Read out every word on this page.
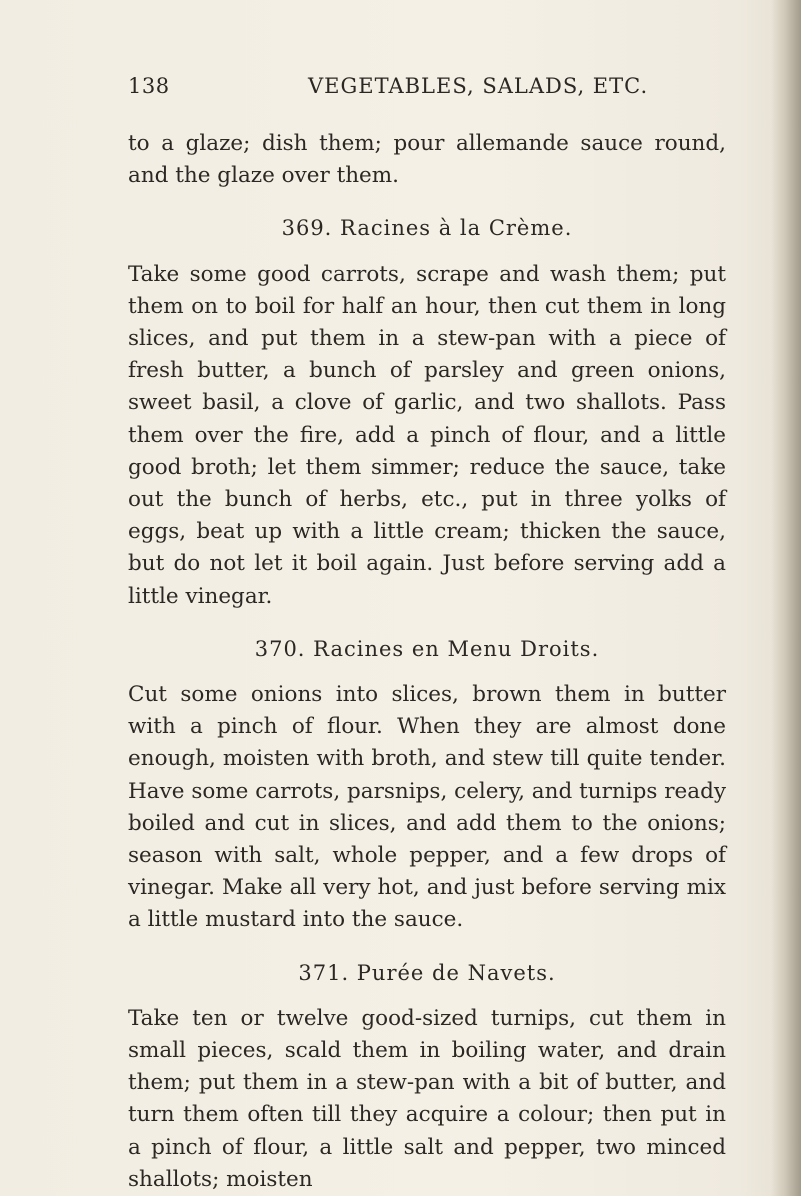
138	VEGETABLES, SALADS, ETC.

to a glaze; dish them; pour allemande sauce round, and the glaze over them.

369. Racines à la Crème.

Take some good carrots, scrape and wash them; put them on to boil for half an hour, then cut them in long slices, and put them in a stew-pan with a piece of fresh butter, a bunch of parsley and green onions, sweet basil, a clove of garlic, and two shallots. Pass them over the fire, add a pinch of flour, and a little good broth; let them simmer; reduce the sauce, take out the bunch of herbs, etc., put in three yolks of eggs, beat up with a little cream; thicken the sauce, but do not let it boil again. Just before serving add a little vinegar.

370. Racines en Menu Droits.

Cut some onions into slices, brown them in butter with a pinch of flour. When they are almost done enough, moisten with broth, and stew till quite tender. Have some carrots, parsnips, celery, and turnips ready boiled and cut in slices, and add them to the onions; season with salt, whole pepper, and a few drops of vinegar. Make all very hot, and just before serving mix a little mustard into the sauce.

371. Purée de Navets.

Take ten or twelve good-sized turnips, cut them in small pieces, scald them in boiling water, and drain them; put them in a stew-pan with a bit of butter, and turn them often till they acquire a colour; then put in a pinch of flour, a little salt and pepper, two minced shallots; moisten
